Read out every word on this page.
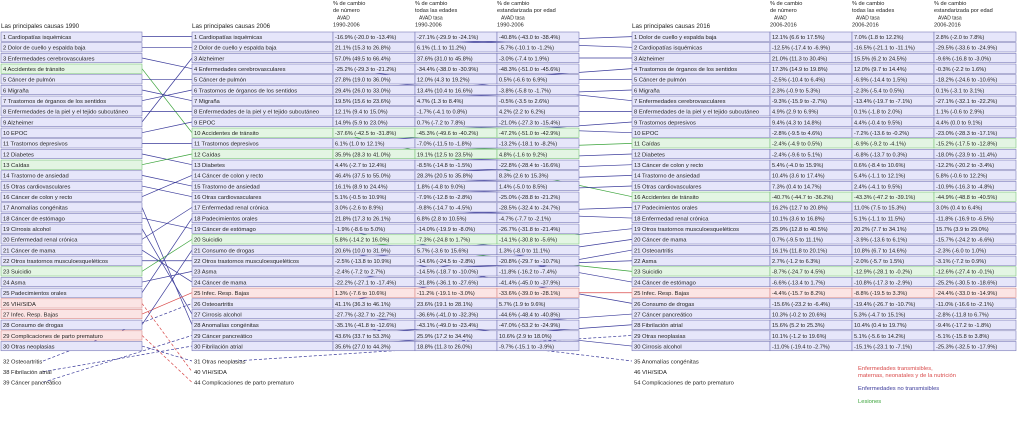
Las principales causas 1990	Las principales causas 2006	Las principales causas 2016
% de cambio
de número
AVAD
1990-2006
% de cambio
todas las edades
AVAD tasa
1990-2006
% de cambio
estandarizada por edad
AVAD tasa
1990-2006
% de cambio
de número
AVAD
2006-2016
% de cambio
todas las edades
AVAD tasa
2006-2016
% de cambio
estandarizada por edad
AVAD tasa
2006-2016
1 Cardiopatías isquémicas
2 Dolor de cuello y espalda baja
3 Enfermedades cerebrovasculares
4 Accidentes de tránsito
5 Cáncer de pulmón
6 Migraña
7 Trastornos de órganos de los sentidos
8 Enfermedades de la piel y el tejido subcutáneo
9 Alzheimer
10 EPOC
11 Trastornos depresivos
12 Diabetes
13 Caídas
14 Trastorno de ansiedad
15 Otras cardiovasculares
16 Cáncer de colon y recto
17 Anomalías congénitas
18 Cáncer de estómago
19 Cirrosis alcohol
20 Enfermedad renal crónica
21 Cáncer de mama
22 Otros trastornos musculoesqueléticos
23 Suicidio
24 Asma
25 Padecimientos orales
26 VIH/SIDA
27 Infec. Resp. Bajas
28 Consumo de drogas
29 Complicaciones de parto prematuro
30 Otras neoplasias
1 Cardiopatías isquémicas	-16.9% (-20.0 to -13.4%)	-27.1% (-29.9 to -24.1%)	-40.8% (-43.0 to -38.4%)
2 Dolor de cuello y espalda baja	21.1% (15.3 to 26.8%)	6.1% (1.1 to 11.2%)	-5.7% (-10.1 to -1.2%)
3 Alzheimer	57.0% (49.5 to 66.4%)	37.6% (31.0 to 45.8%)	-3.0% (-7.4 to 1.9%)
4 Enfermedades cerebrovasculares	-25.2% (-29.3 to -21.2%)	-34.4% (-38.0 to -30.9%)	-48.3% (-51.0 to -45.6%)
5 Cáncer de pulmón	27.8% (19.0 to 36.0%)	12.0% (4.3 to 19.2%)	0.5% (-6.6 to 6.9%)
6 Trastornos de órganos de los sentidos	29.4% (26.0 to 33.0%)	13.4% (10.4 to 16.6%)	-3.8% (-5.8 to -1.7%)
7 Migraña	19.5% (15.6 to 23.6%)	4.7% (1.3 to 8.4%)	-0.5% (-3.5 to 2.6%)
8 Enfermedades de la piel y el tejido subcutáneo	12.1% (9.4 to 15.0%)	-1.7% (-4.1 to 0.8%)	4.2% (2.2 to 6.2%)
9 EPOC	14.9% (5.9 to 23.0%)	0.7% (-7.2 to 7.8%)	-21.0% (-27.3 to -15.4%)
10 Accidentes de tránsito	-37.6% (-42.5 to -31.8%)	-45.3% (-49.6 to -40.2%)	-47.2% (-51.0 to -42.9%)
11 Trastornos depresivos	6.1% (1.0 to 12.1%)	-7.0% (-11.5 to -1.8%)	-13.2% (-18.1 to -8.2%)
12 Caídas	35.9% (28.3 to 41.0%)	19.1% (12.5 to 23.5%)	4.8% (-1.6 to 9.2%)
13 Diabetes	4.4% (-2.7 to 12.4%)	-8.5% (-14.8 to -1.5%)	-22.8% (-28.4 to -16.6%)
14 Cáncer de colon y recto	46.4% (37.5 to 55.0%)	28.3% (20.5 to 35.8%)	8.3% (2.6 to 15.3%)
15 Trastorno de ansiedad	16.1% (8.9 to 24.4%)	1.8% (-4.8 to 9.0%)	1.4% (-5.0 to 8.5%)
16 Otras cardiovasculares	5.1% (-0.5 to 10.9%)	-7.9% (-12.8 to -2.8%)	-25.0% (-28.8 to -21.2%)
17 Enfermedad renal crónica	3.0% (-2.6 to 8.9%)	-9.8% (-14.7 to -4.5%)	-28.5% (-32.4 to -24.7%)
18 Padecimientos orales	21.8% (17.3 to 26.1%)	6.8% (2.8 to 10.5%)	-4.7% (-7.7 to -2.1%)
19 Cáncer de estómago	-1.9% (-8.6 to 5.0%)	-14.0% (-19.9 to -8.0%)	-26.7% (-31.8 to -21.4%)
20 Suicidio	5.8% (-14.2 to 16.0%)	-7.3% (-24.8 to 1.7%)	-14.1% (-30.8 to -5.6%)
21 Consumo de drogas	20.6% (10.0 to 31.9%)	5.7% (-3.6 to 15.6%)	1.3% (-8.0 to 11.1%)
22 Otros trastornos musculoesqueléticos	-2.5% (-13.8 to 10.9%)	-14.6% (-24.5 to -2.8%)	-20.8% (-29.7 to -10.7%)
23 Asma	-2.4% (-7.2 to 2.7%)	-14.5% (-18.7 to -10.0%)	-11.8% (-16.2 to -7.4%)
24 Cáncer de mama	-22.2% (-27.1 to -17.4%)	-31.8% (-36.1 to -27.6%)	-41.4% (-45.0 to -37.9%)
25 Infec. Resp. Bajas	1.3% (-7.6 to 10.6%)	-11.2% (-19.1 to -3.0%)	-33.6% (-39.0 to -28.1%)
26 Osteoartritis	41.1% (36.3 to 46.1%)	23.6% (19.1 to 28.1%)	5.7% (1.9 to 9.6%)
27 Cirrosis alcohol	-27.7% (-32.7 to -22.7%)	-36.6% (-41.0 to -32.3%)	-44.6% (-48.4 to -40.8%)
28 Anomalías congénitas	-35.1% (-41.8 to -12.6%)	-43.1% (-49.0 to -23.4%)	-47.0% (-53.2 to -24.9%)
29 Cáncer pancreático	43.6% (33.7 to 53.3%)	25.9% (17.2 to 34.4%)	10.6% (2.9 to 18.0%)
30 Fibrilación atrial	35.6% (27.0 to 44.3%)	18.8% (11.3 to 26.0%)	-9.7% (-15.1 to -3.9%)
1 Dolor de cuello y espalda baja	12.1% (6.6 to 17.5%)	7.0% (1.8 to 12.2%)	2.8% (-2.0 to 7.8%)
2 Cardiopatías isquémicas	-12.5% (-17.4 to -6.9%)	-16.5% (-21.1 to -11.1%)	-29.5% (-33.6 to -24.9%)
3 Alzheimer	21.0% (11.3 to 30.4%)	15.5% (6.2 to 24.5%)	-9.6% (-16.8 to -3.0%)
4 Trastornos de órganos de los sentidos	17.3% (14.9 to 19.8%)	12.0% (9.7 to 14.4%)	-0.3% (-2.2 to 1.6%)
5 Cáncer de pulmón	-2.5% (-10.4 to 6.4%)	-6.9% (-14.4 to 1.5%)	-18.2% (-24.6 to -10.6%)
6 Migraña	2.3% (-0.9 to 5.3%)	-2.3% (-5.4 to 0.5%)	0.1% (-3.1 to 3.1%)
7 Enfermedades cerebrovasculares	-9.3% (-15.9 to -2.7%)	-13.4% (-19.7 to -7.1%)	-27.1% (-32.1 to -22.2%)
8 Enfermedades de la piel y el tejido subcutáneo 4.9% (2.9 to 6.9%)	0.1% (-1.8 to 2.0%)	1.1% (-0.6 to 2.9%)
9 Trastornos depresivos	9.4% (4.3 to 14.8%)	4.4% (-0.4 to 9.5%)	4.4% (0.0 to 9.1%)
10 EPOC	-2.8% (-9.5 to 4.6%)	-7.2% (-13.6 to -0.2%)	-23.0% (-28.3 to -17.1%)
11 Caídas	-2.4% (-4.9 to 0.5%)	-6.9% (-9.2 to -4.1%)	-15.2% (-17.5 to -12.8%)
12 Diabetes	-2.4% (-9.6 to 5.1%)	-6.8% (-13.7 to 0.3%)	-18.0% (-23.9 to -11.4%)
13 Cáncer de colon y recto	5.4% (-4.0 to 15.9%)	0.6% (-8.4 to 10.6%)	-12.2% (-20.2 to -3.4%)
14 Trastorno de ansiedad	10.4% (3.6 to 17.4%)	5.4% (-1.1 to 12.1%)	5.8% (-0.6 to 12.2%)
15 Otras cardiovasculares	7.3% (0.4 to 14.7%)	2.4% (-4.1 to 9.5%)	-10.9% (-16.3 to -4.8%)
16 Accidentes de tránsito	-40.7% (-44.7 to -36.2%)	-43.3% (-47.2 to -39.1%)	-44.9% (-48.8 to -40.5%)
17 Padecimientos orales	16.2% (12.7 to 20.8%)	11.0% (7.5 to 15.3%)	3.0% (0.4 to 6.4%)
18 Enfermedad renal crónica	10.1% (3.6 to 16.8%)	5.1% (-1.1 to 11.5%)	-11.8% (-16.9 to -6.5%)
19 Otros trastornos musculoesqueléticos	25.9% (12.8 to 40.5%)	20.2% (7.7 to 34.1%)	15.7% (3.9 to 29.0%)
20 Cáncer de mama	0.7% (-9.5 to 11.1%)	-3.9% (-13.6 to 6.1%)	-15.7% (-24.2 to -6.6%)
21 Osteoartritis	16.1% (11.8 to 20.1%)	10.8% (6.7 to 14.6%)	-2.3% (-6.0 to 1.0%)
22 Asma	2.7% (-1.2 to 6.3%)	-2.0% (-5.7 to 1.5%)	-3.1% (-7.2 to 0.9%)
23 Suicidio	-8.7% (-24.7 to 4.5%)	-12.9% (-28.1 to -0.2%)	-12.6% (-27.4 to -0.1%)
24 Cáncer de estómago	-6.6% (-13.4 to 1.7%)	-10.8% (-17.3 to -2.9%)	-25.2% (-30.5 to -18.6%)
25 Infec. Resp. Bajas	-4.4% (-15.7 to 8.2%)	-8.8% (-19.5 to 3.3%)	-24.4% (-33.0 to -14.9%)
26 Consumo de drogas	-15.6% (-23.2 to -6.4%)	-19.4% (-26.7 to -10.7%)	-11.0% (-16.6 to -2.1%)
27 Cáncer pancreático	10.3% (-0.2 to 20.6%)	5.3% (-4.7 to 15.1%)	-2.8% (-11.8 to 6.7%)
28 Fibrilación atrial	15.6% (5.2 to 25.3%)	10.4% (0.4 to 19.7%)	-9.4% (-17.2 to -1.8%)
29 Otras neoplasias	10.1% (-1.2 to 19.6%)	5.1% (-5.6 to 14.2%)	-5.1% (-15.8 to 3.8%)
30 Cirrosis alcohol	-11.0% (-19.4 to -2.7%)	-15.1% (-23.1 to -7.1%)	-25.3% (-32.5 to -17.9%)
32 Osteoartritis
38 Fibrilación atrial
39 Cáncer pancreático
31 Otras neoplasias
40 VIH/SIDA
44 Complicaciones de parto prematuro
35 Anomalías congénitas
46 VIH/SIDA
54 Complicaciones de parto prematuro
Enfermedades transmisibles,
maternas, neonatales y de la nutrición
Enfermedades no transmisibles
Lesiones
